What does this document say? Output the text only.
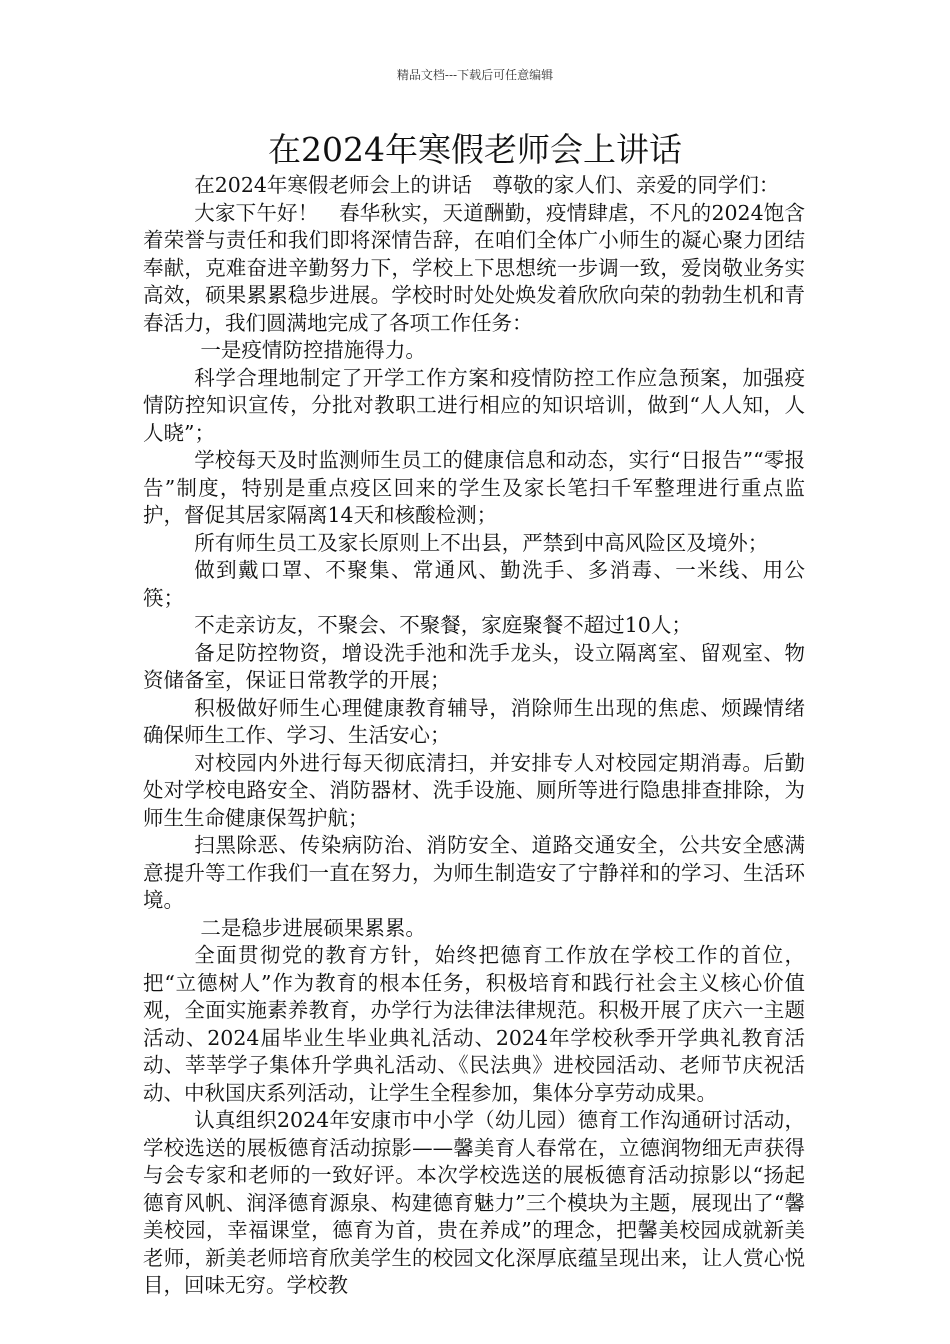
精品文档---下载后可任意编辑
在2024年寒假老师会上讲话

在2024年寒假老师会上的讲话　尊敬的家人们、亲爱的同学们：

大家下午好！　春华秋实，天道酬勤，疫情肆虐，不凡的2024饱含着荣誉与责任和我们即将深情告辞，在咱们全体广小师生的凝心聚力团结奉献，克难奋进辛勤努力下，学校上下思想统一步调一致，爱岗敬业务实高效，硕果累累稳步进展。学校时时处处焕发着欣欣向荣的勃勃生机和青春活力，我们圆满地完成了各项工作任务：

一是疫情防控措施得力。

科学合理地制定了开学工作方案和疫情防控工作应急预案，加强疫情防控知识宣传，分批对教职工进行相应的知识培训，做到“人人知，人人晓”；

学校每天及时监测师生员工的健康信息和动态，实行“日报告”“零报告”制度，特别是重点疫区回来的学生及家长笔扫千军整理进行重点监护，督促其居家隔离14天和核酸检测；

所有师生员工及家长原则上不出县，严禁到中高风险区及境外；

做到戴口罩、不聚集、常通风、勤洗手、多消毒、一米线、用公筷；

不走亲访友，不聚会、不聚餐，家庭聚餐不超过10人；

备足防控物资，增设洗手池和洗手龙头，设立隔离室、留观室、物资储备室，保证日常教学的开展；

积极做好师生心理健康教育辅导，消除师生出现的焦虑、烦躁情绪确保师生工作、学习、生活安心；

对校园内外进行每天彻底清扫，并安排专人对校园定期消毒。后勤处对学校电路安全、消防器材、洗手设施、厕所等进行隐患排查排除，为师生生命健康保驾护航；

扫黑除恶、传染病防治、消防安全、道路交通安全，公共安全感满意提升等工作我们一直在努力，为师生制造安了宁静祥和的学习、生活环境。

二是稳步进展硕果累累。

全面贯彻党的教育方针，始终把德育工作放在学校工作的首位，把“立德树人”作为教育的根本任务，积极培育和践行社会主义核心价值观，全面实施素养教育，办学行为法律法律规范。积极开展了庆六一主题活动、2024届毕业生毕业典礼活动、2024年学校秋季开学典礼教育活动、莘莘学子集体升学典礼活动、《民法典》进校园活动、老师节庆祝活动、中秋国庆系列活动，让学生全程参加，集体分享劳动成果。

认真组织2024年安康市中小学（幼儿园）德育工作沟通研讨活动，学校选送的展板德育活动掠影——馨美育人春常在，立德润物细无声获得与会专家和老师的一致好评。本次学校选送的展板德育活动掠影以“扬起德育风帆、润泽德育源泉、构建德育魅力”三个模块为主题，展现出了“馨美校园，幸福课堂，德育为首，贵在养成”的理念，把馨美校园成就新美老师，新美老师培育欣美学生的校园文化深厚底蕴呈现出来，让人赏心悦目，回味无穷。学校教
